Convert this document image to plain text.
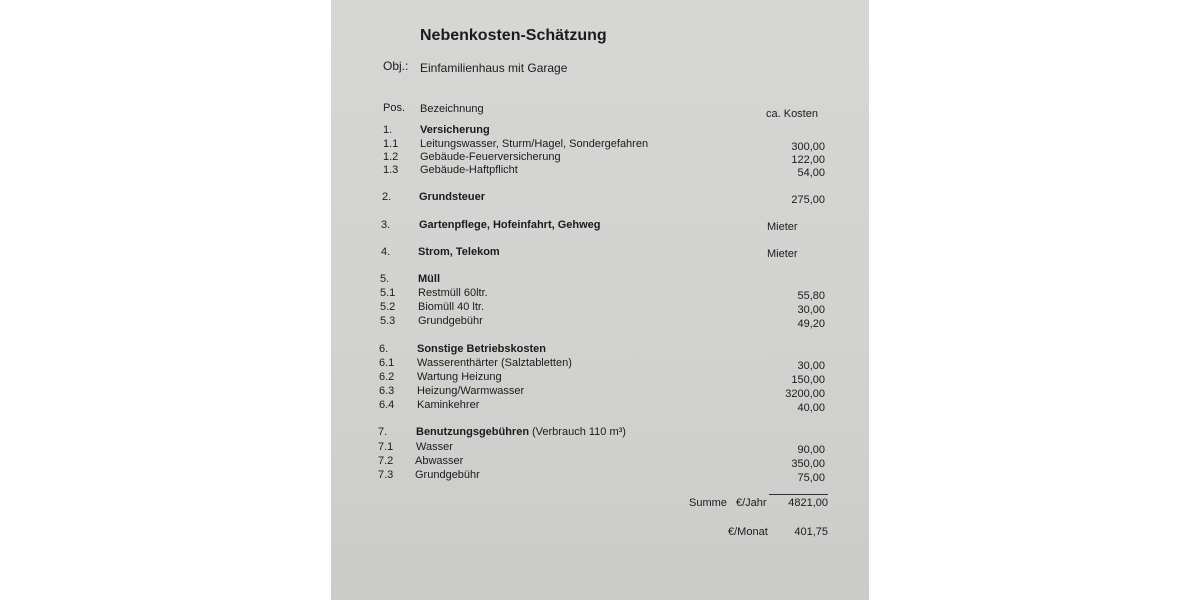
Nebenkosten-Schätzung
Obj.: Einfamilienhaus mit Garage
Pos. Bezeichnung	ca. Kosten
1.	Versicherung
1.1 Leitungswasser, Sturm/Hagel, Sondergefahren	300,00
1.2 Gebäude-Feuerversicherung	122,00
1.3 Gebäude-Haftpflicht	54,00
2.	Grundsteuer	275,00
3.	Gartenpflege, Hofeinfahrt, Gehweg	Mieter
4.	Strom, Telekom	Mieter
5.	Müll
5.1 Restmüll 60ltr.	55,80
5.2 Biomüll 40 ltr.	30,00
5.3 Grundgebühr	49,20
6.	Sonstige Betriebskosten
6.1 Wasserenthärter (Salztabletten)	30,00
6.2 Wartung Heizung	150,00
6.3 Heizung/Warmwasser	3200,00
6.4 Kaminkehrer	40,00
7.	Benutzungsgebühren (Verbrauch 110 m³)
7.1 Wasser	90,00
7.2 Abwasser	350,00
7.3 Grundgebühr	75,00
Summe €/Jahr	4821,00
€/Monat	401,75
